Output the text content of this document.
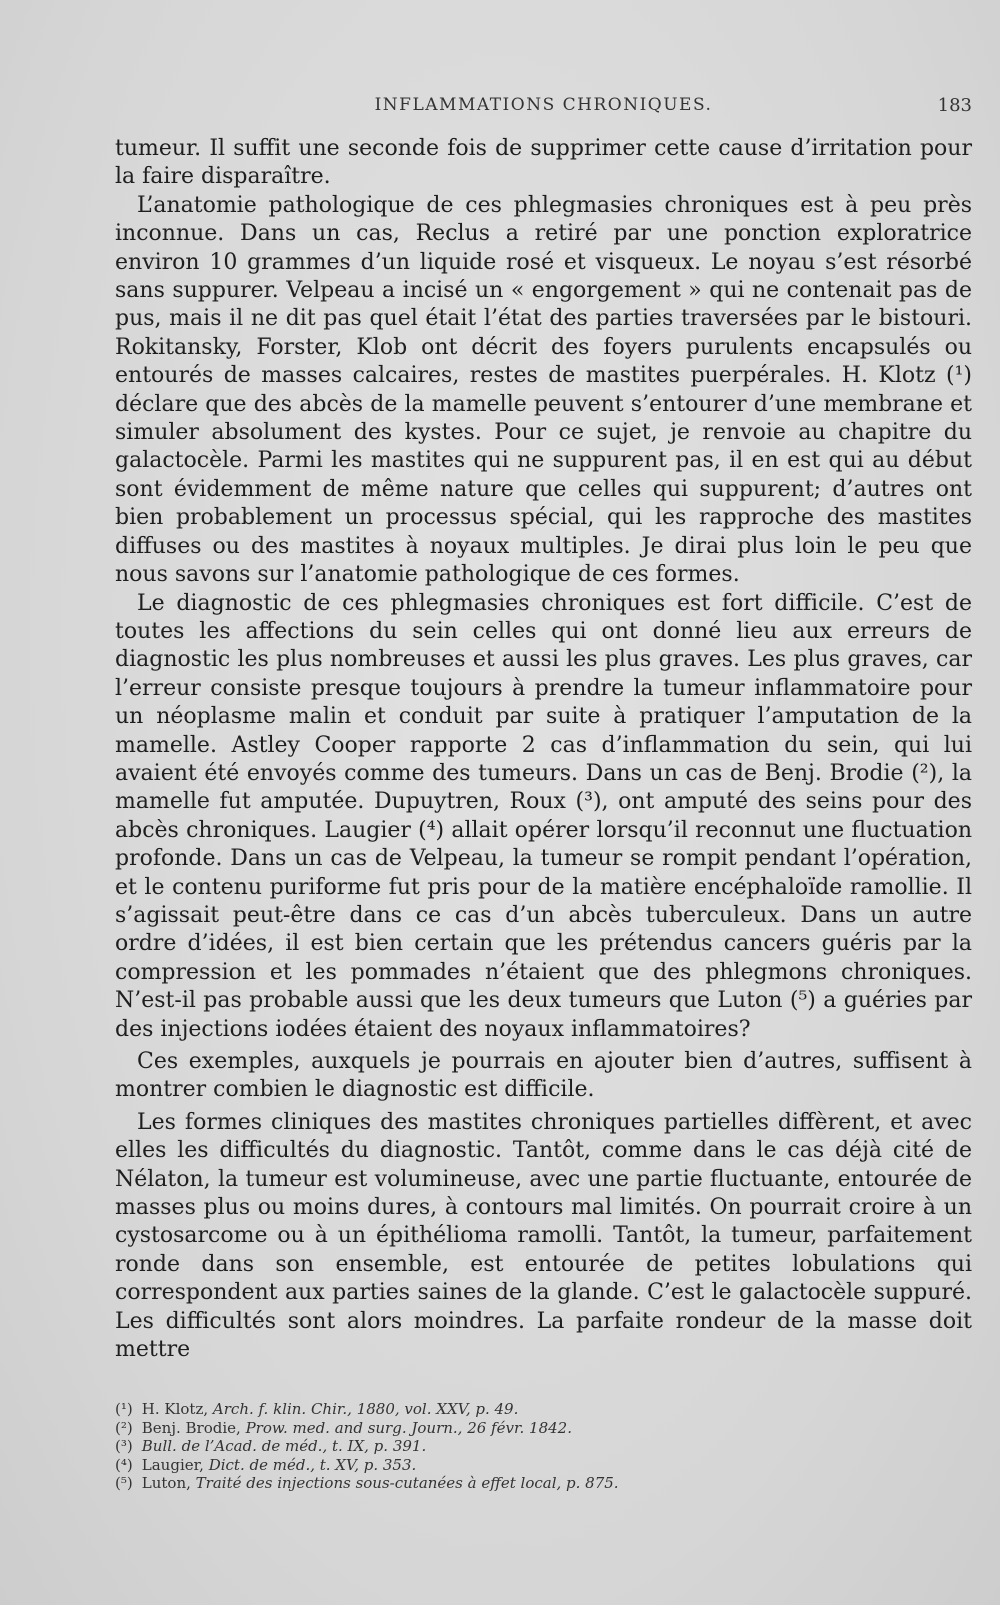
INFLAMMATIONS CHRONIQUES.	183

tumeur. Il suffit une seconde fois de supprimer cette cause d’irritation pour la faire disparaître.

L’anatomie pathologique de ces phlegmasies chroniques est à peu près inconnue. Dans un cas, Reclus a retiré par une ponction exploratrice environ 10 grammes d’un liquide rosé et visqueux. Le noyau s’est résorbé sans suppurer. Velpeau a incisé un « engorgement » qui ne contenait pas de pus, mais il ne dit pas quel était l’état des parties traversées par le bistouri. Rokitansky, Forster, Klob ont décrit des foyers purulents encapsulés ou entourés de masses calcaires, restes de mastites puerpérales. H. Klotz (¹) déclare que des abcès de la mamelle peuvent s’entourer d’une membrane et simuler absolument des kystes. Pour ce sujet, je renvoie au chapitre du galactocèle. Parmi les mastites qui ne suppurent pas, il en est qui au début sont évidemment de même nature que celles qui suppurent; d’autres ont bien probablement un processus spécial, qui les rapproche des mastites diffuses ou des mastites à noyaux multiples. Je dirai plus loin le peu que nous savons sur l’anatomie pathologique de ces formes.

Le diagnostic de ces phlegmasies chroniques est fort difficile. C’est de toutes les affections du sein celles qui ont donné lieu aux erreurs de diagnostic les plus nombreuses et aussi les plus graves. Les plus graves, car l’erreur consiste presque toujours à prendre la tumeur inflammatoire pour un néoplasme malin et conduit par suite à pratiquer l’amputation de la mamelle. Astley Cooper rapporte 2 cas d’inflammation du sein, qui lui avaient été envoyés comme des tumeurs. Dans un cas de Benj. Brodie (²), la mamelle fut amputée. Dupuytren, Roux (³), ont amputé des seins pour des abcès chroniques. Laugier (⁴) allait opérer lorsqu’il reconnut une fluctuation profonde. Dans un cas de Velpeau, la tumeur se rompit pendant l’opération, et le contenu puriforme fut pris pour de la matière encéphaloïde ramollie. Il s’agissait peut-être dans ce cas d’un abcès tuberculeux. Dans un autre ordre d’idées, il est bien certain que les prétendus cancers guéris par la compression et les pommades n’étaient que des phlegmons chroniques. N’est-il pas probable aussi que les deux tumeurs que Luton (⁵) a guéries par des injections iodées étaient des noyaux inflammatoires?

Ces exemples, auxquels je pourrais en ajouter bien d’autres, suffisent à montrer combien le diagnostic est difficile.

Les formes cliniques des mastites chroniques partielles diffèrent, et avec elles les difficultés du diagnostic. Tantôt, comme dans le cas déjà cité de Nélaton, la tumeur est volumineuse, avec une partie fluctuante, entourée de masses plus ou moins dures, à contours mal limités. On pourrait croire à un cystosarcome ou à un épithélioma ramolli. Tantôt, la tumeur, parfaitement ronde dans son ensemble, est entourée de petites lobulations qui correspondent aux parties saines de la glande. C’est le galactocèle suppuré. Les difficultés sont alors moindres. La parfaite rondeur de la masse doit mettre

(¹) H. Klotz, Arch. f. klin. Chir., 1880, vol. XXV, p. 49.
(²) Benj. Brodie, Prow. med. and surg. Journ., 26 févr. 1842.
(³) Bull. de l’Acad. de méd., t. IX, p. 391.
(⁴) Laugier, Dict. de méd., t. XV, p. 353.
(⁵) Luton, Traité des injections sous-cutanées à effet local, p. 875.
